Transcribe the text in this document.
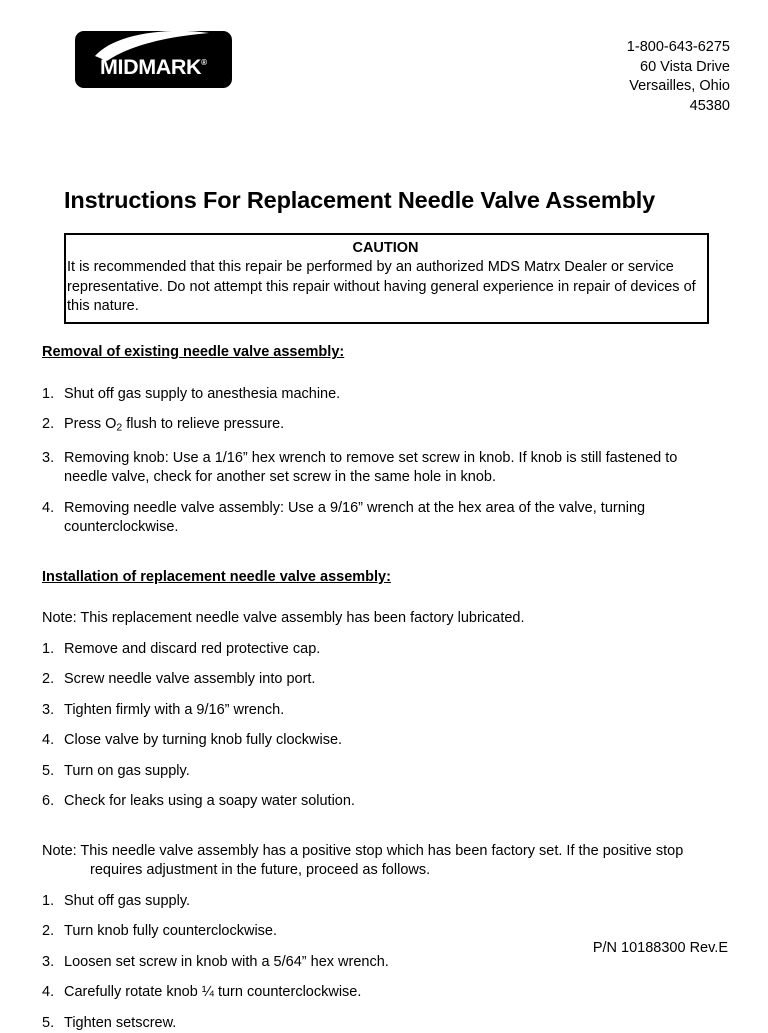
MIDMARK®
1-800-643-6275
60 Vista Drive
Versailles, Ohio
45380
Instructions For Replacement Needle Valve Assembly
CAUTION
It is recommended that this repair be performed by an authorized MDS Matrx Dealer or service representative. Do not attempt this repair without having general experience in repair of devices of this nature.
Removal of existing needle valve assembly:
1. Shut off gas supply to anesthesia machine.
2. Press $O_2$ flush to relieve pressure.
3. Removing knob: Use a 1/16” hex wrench to remove set screw in knob. If knob is still fastened to needle valve, check for another set screw in the same hole in knob.
4. Removing needle valve assembly: Use a 9/16” wrench at the hex area of the valve, turning counterclockwise.
Installation of replacement needle valve assembly:

Note: This replacement needle valve assembly has been factory lubricated.

1. Remove and discard red protective cap.
2. Screw needle valve assembly into port.
3. Tighten firmly with a 9/16” wrench.
4. Close valve by turning knob fully clockwise.
5. Turn on gas supply.
6. Check for leaks using a soapy water solution.

Note: This needle valve assembly has a positive stop which has been factory set. If the positive stop requires adjustment in the future, proceed as follows.

1. Shut off gas supply.
2. Turn knob fully counterclockwise.
3. Loosen set screw in knob with a 5/64” hex wrench.
4. Carefully rotate knob ¼ turn counterclockwise.
5. Tighten setscrew.
P/N 10188300 Rev.E
